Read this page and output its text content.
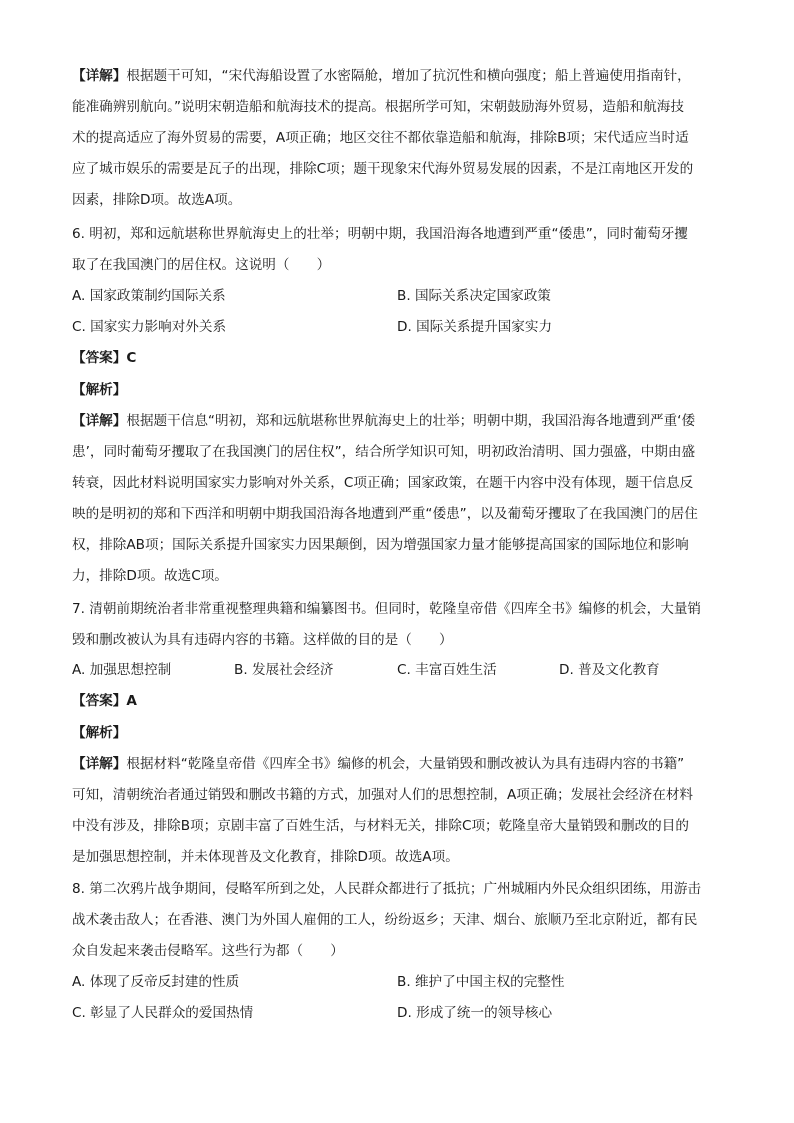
【详解】根据题干可知，“宋代海船设置了水密隔舱，增加了抗沉性和横向强度；船上普遍使用指南针，
能准确辨别航向。”说明宋朝造船和航海技术的提高。根据所学可知，宋朝鼓励海外贸易，造船和航海技
术的提高适应了海外贸易的需要，A项正确；地区交往不都依靠造船和航海，排除B项；宋代适应当时适
应了城市娱乐的需要是瓦子的出现，排除C项；题干现象宋代海外贸易发展的因素，不是江南地区开发的
因素，排除D项。故选A项。
6. 明初，郑和远航堪称世界航海史上的壮举；明朝中期，我国沿海各地遭到严重“倭患”，同时葡萄牙攫
取了在我国澳门的居住权。这说明（　　）
A. 国家政策制约国际关系	B. 国际关系决定国家政策
C. 国家实力影响对外关系	D. 国际关系提升国家实力
【答案】C
【解析】
【详解】根据题干信息“明初，郑和远航堪称世界航海史上的壮举；明朝中期，我国沿海各地遭到严重‘倭
患’，同时葡萄牙攫取了在我国澳门的居住权”，结合所学知识可知，明初政治清明、国力强盛，中期由盛
转衰，因此材料说明国家实力影响对外关系，C项正确；国家政策，在题干内容中没有体现，题干信息反
映的是明初的郑和下西洋和明朝中期我国沿海各地遭到严重“倭患”，以及葡萄牙攫取了在我国澳门的居住
权，排除AB项；国际关系提升国家实力因果颠倒，因为增强国家力量才能够提高国家的国际地位和影响
力，排除D项。故选C项。
7. 清朝前期统治者非常重视整理典籍和编纂图书。但同时，乾隆皇帝借《四库全书》编修的机会，大量销
毁和删改被认为具有违碍内容的书籍。这样做的目的是（　　）
A. 加强思想控制	B. 发展社会经济	C. 丰富百姓生活	D. 普及文化教育
【答案】A
【解析】
【详解】根据材料“乾隆皇帝借《四库全书》编修的机会，大量销毁和删改被认为具有违碍内容的书籍”
可知，清朝统治者通过销毁和删改书籍的方式，加强对人们的思想控制，A项正确；发展社会经济在材料
中没有涉及，排除B项；京剧丰富了百姓生活，与材料无关，排除C项；乾隆皇帝大量销毁和删改的目的
是加强思想控制，并未体现普及文化教育，排除D项。故选A项。
8. 第二次鸦片战争期间，侵略军所到之处，人民群众都进行了抵抗；广州城厢内外民众组织团练，用游击
战术袭击敌人；在香港、澳门为外国人雇佣的工人，纷纷返乡；天津、烟台、旅顺乃至北京附近，都有民
众自发起来袭击侵略军。这些行为都（　　）
A. 体现了反帝反封建的性质	B. 维护了中国主权的完整性
C. 彰显了人民群众的爱国热情	D. 形成了统一的领导核心
